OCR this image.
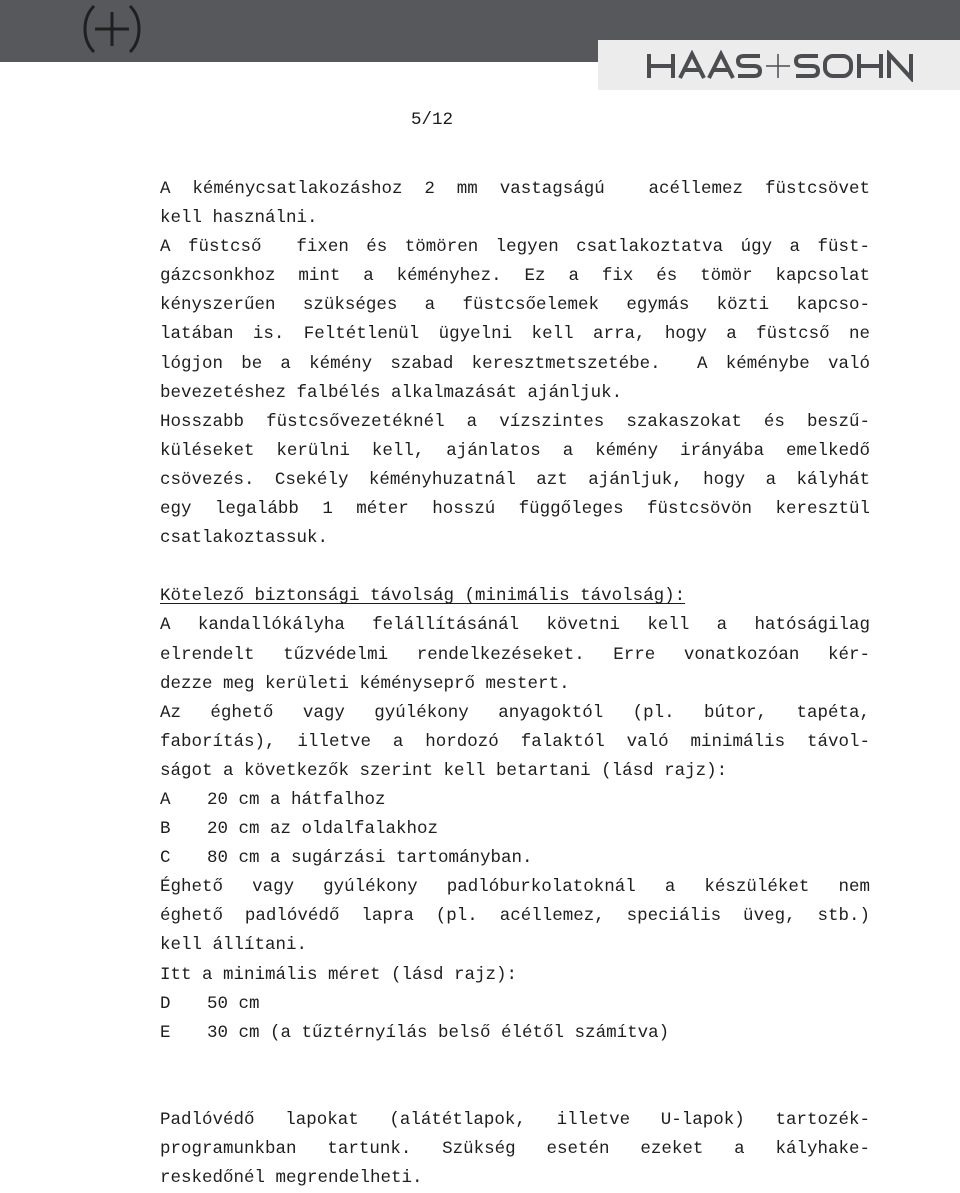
5/12
A kéménycsatlakozáshoz 2 mm vastagságú  acéllemez füstcsövet
kell használni.
A füstcső  fixen és tömören legyen csatlakoztatva úgy a füst-
gázcsonkhoz mint a kéményhez. Ez a fix és tömör kapcsolat
kényszerűen szükséges a füstcsőelemek egymás közti kapcso-
latában is. Feltétlenül ügyelni kell arra, hogy a füstcső ne
lógjon be a kémény szabad keresztmetszetébe.  A kéménybe való
bevezetéshez falbélés alkalmazását ajánljuk.
Hosszabb füstcsővezetéknél a vízszintes szakaszokat és beszű-
küléseket kerülni kell, ajánlatos a kémény irányába emelkedő
csövezés. Csekély kéményhuzatnál azt ajánljuk, hogy a kályhát
egy legalább 1 méter hosszú függőleges füstcsövön keresztül
csatlakoztassuk.
Kötelező biztonsági távolság (minimális távolság):
A kandallókályha felállításánál követni kell a hatóságilag
elrendelt tűzvédelmi rendelkezéseket. Erre vonatkozóan kér-
dezze meg kerületi kéményseprő mestert.
Az éghető vagy gyúlékony anyagoktól (pl. bútor, tapéta,
faborítás), illetve a hordozó falaktól való minimális távol-
ságot a következők szerint kell betartani (lásd rajz):
A 20 cm a hátfalhoz
B 20 cm az oldalfalakhoz
C 80 cm a sugárzási tartományban.
Éghető vagy gyúlékony padlóburkolatoknál a készüléket nem
éghető padlóvédő lapra (pl. acéllemez, speciális üveg, stb.)
kell állítani.
Itt a minimális méret (lásd rajz):
D 50 cm
E 30 cm (a tűztérnyílás belső élétől számítva)
Padlóvédő lapokat (alátétlapok, illetve U-lapok) tartozék-
programunkban tartunk. Szükség esetén ezeket a kályhake-
reskedőnél megrendelheti.
